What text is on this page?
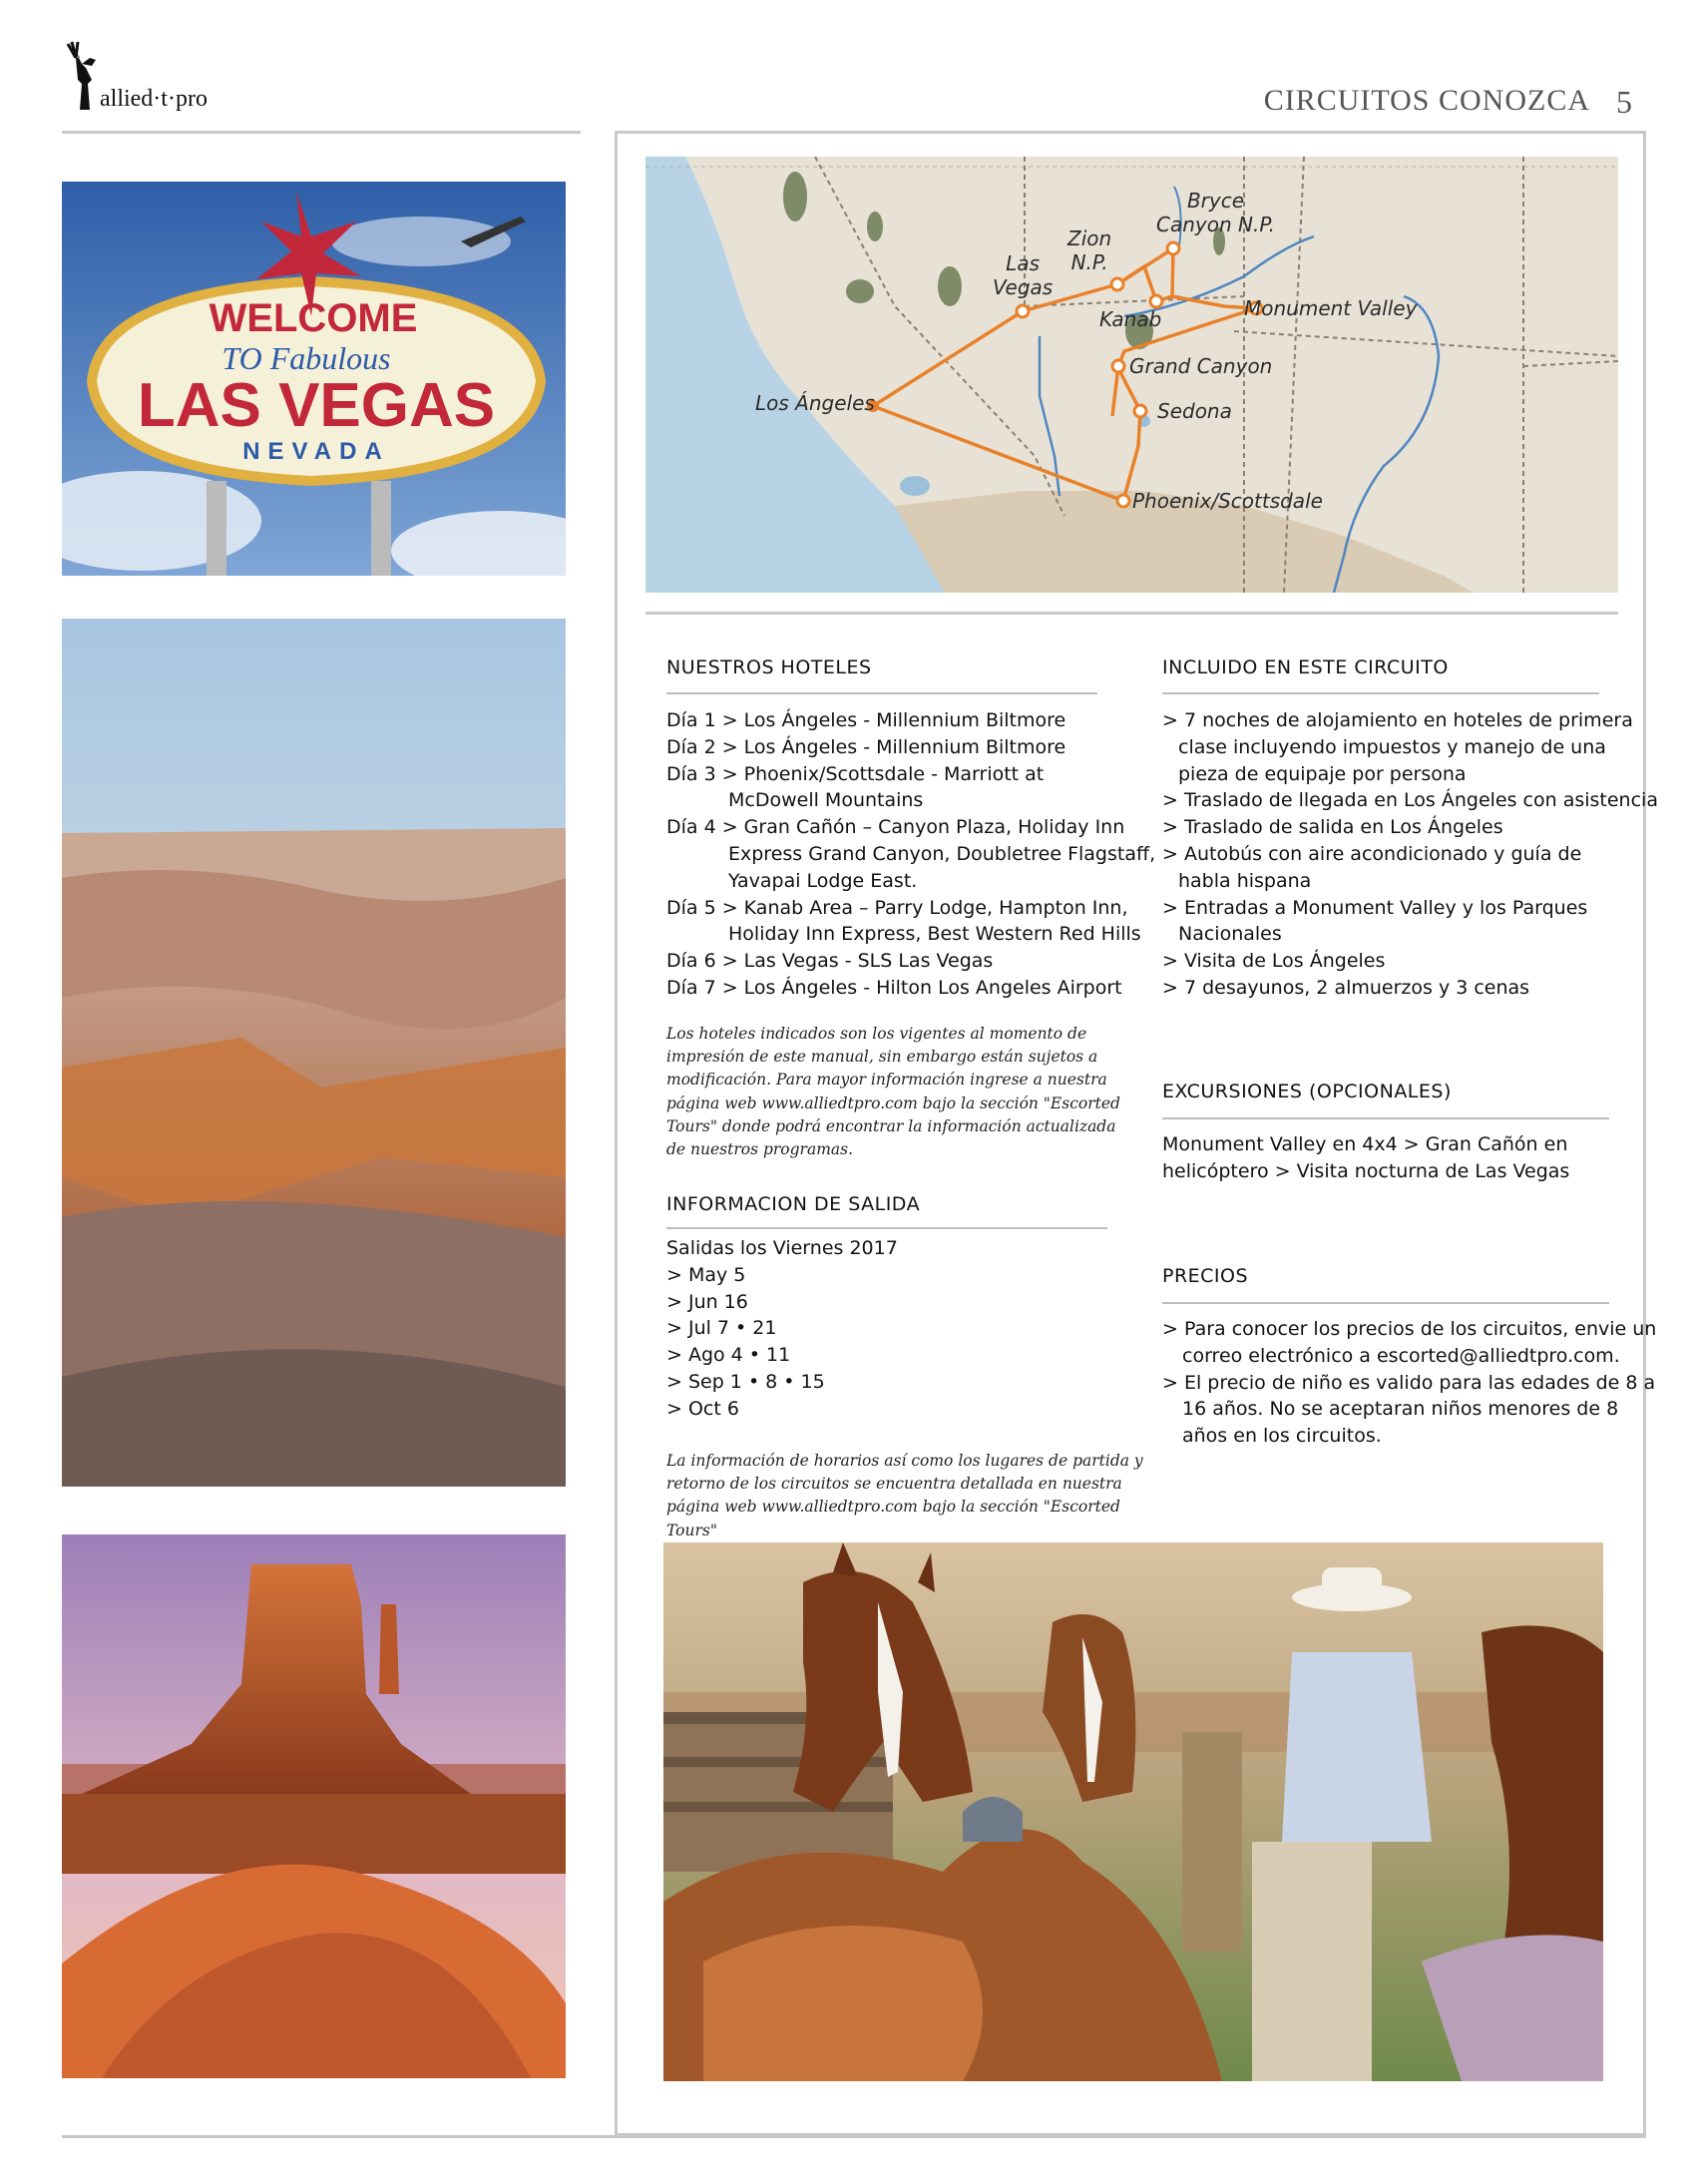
allied·t·pro	CIRCUITOS CONOZCA 5
WELCOME
TO Fabulous
LAS VEGAS
NEVADA
Bryce
Canyon N.P.
Zion
N.P.
Las
Vegas
Kanab	Monument Valley
Grand Canyon
Sedona
Los Ángeles
Phoenix/Scottsdale
NUESTROS HOTELES
Día 1 > Los Ángeles - Millennium Biltmore
Día 2 > Los Ángeles - Millennium Biltmore
Día 3 > Phoenix/Scottsdale - Marriott at
McDowell Mountains
Día 4 > Gran Cañón – Canyon Plaza, Holiday Inn
Express Grand Canyon, Doubletree Flagstaff,
Yavapai Lodge East.
Día 5 > Kanab Area – Parry Lodge, Hampton Inn,
Holiday Inn Express, Best Western Red Hills
Día 6 > Las Vegas - SLS Las Vegas
Día 7 > Los Ángeles - Hilton Los Angeles Airport
Los hoteles indicados son los vigentes al momento de
impresión de este manual, sin embargo están sujetos a
modificación. Para mayor información ingrese a nuestra
página web www.alliedtpro.com bajo la sección "Escorted
Tours" donde podrá encontrar la información actualizada
de nuestros programas.
INFORMACION DE SALIDA
Salidas los Viernes 2017
> May 5
> Jun 16
> Jul 7 • 21
> Ago 4 • 11
> Sep 1 • 8 • 15
> Oct 6
La información de horarios así como los lugares de partida y
retorno de los circuitos se encuentra detallada en nuestra
página web www.alliedtpro.com bajo la sección "Escorted
Tours"
INCLUIDO EN ESTE CIRCUITO
> 7 noches de alojamiento en hoteles de primera
clase incluyendo impuestos y manejo de una
pieza de equipaje por persona
> Traslado de llegada en Los Ángeles con asistencia
> Traslado de salida en Los Ángeles
> Autobús con aire acondicionado y guía de
habla hispana
> Entradas a Monument Valley y los Parques
Nacionales
> Visita de Los Ángeles
> 7 desayunos, 2 almuerzos y 3 cenas
EXCURSIONES (OPCIONALES)
Monument Valley en 4x4 > Gran Cañón en
helicóptero > Visita nocturna de Las Vegas
PRECIOS
> Para conocer los precios de los circuitos, envie un
correo electrónico a escorted@alliedtpro.com.
> El precio de niño es valido para las edades de 8 a
16 años. No se aceptaran niños menores de 8
años en los circuitos.
